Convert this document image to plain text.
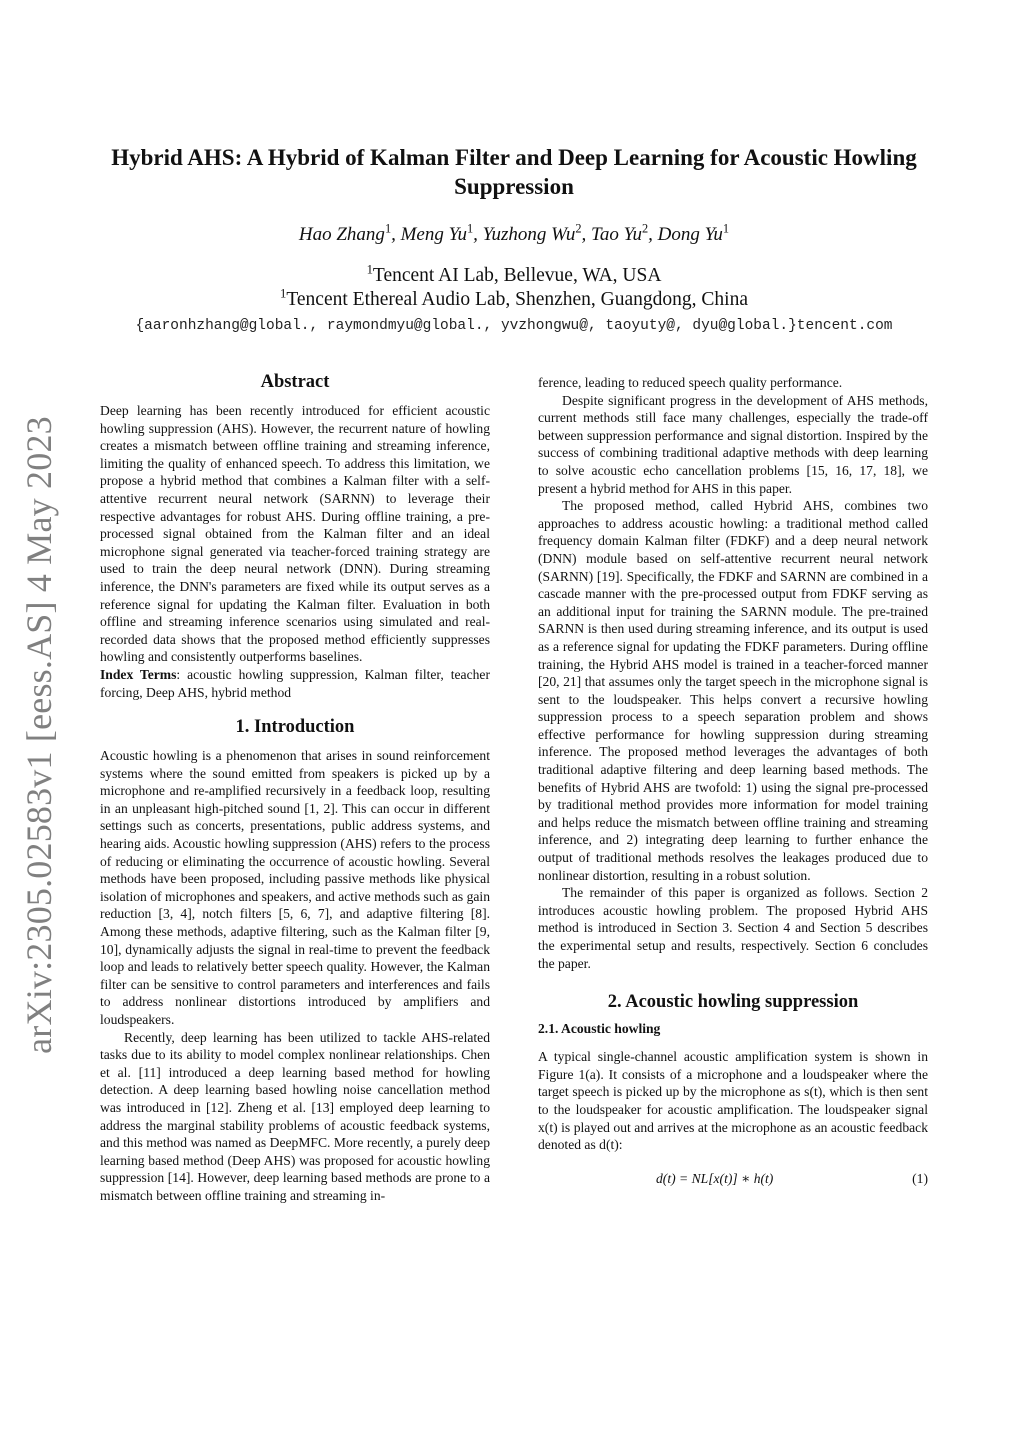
arXiv:2305.02583v1 [eess.AS] 4 May 2023
Hybrid AHS: A Hybrid of Kalman Filter and Deep Learning for Acoustic Howling Suppression
Hao Zhang$^1$, Meng Yu$^1$, Yuzhong Wu$^2$, Tao Yu$^2$, Dong Yu$^1$
$^1$Tencent AI Lab, Bellevue, WA, USA
$^1$Tencent Ethereal Audio Lab, Shenzhen, Guangdong, China
{aaronhzhang@global., raymondmyu@global., yvzhongwu@, taoyuty@, dyu@global.}tencent.com
Abstract

Deep learning has been recently introduced for efficient acoustic howling suppression (AHS). However, the recurrent nature of howling creates a mismatch between offline training and streaming inference, limiting the quality of enhanced speech. To address this limitation, we propose a hybrid method that combines a Kalman filter with a self-attentive recurrent neural network (SARNN) to leverage their respective advantages for robust AHS. During offline training, a pre-processed signal obtained from the Kalman filter and an ideal microphone signal generated via teacher-forced training strategy are used to train the deep neural network (DNN). During streaming inference, the DNN's parameters are fixed while its output serves as a reference signal for updating the Kalman filter. Evaluation in both offline and streaming inference scenarios using simulated and real-recorded data shows that the proposed method efficiently suppresses howling and consistently outperforms baselines.

Index Terms: acoustic howling suppression, Kalman filter, teacher forcing, Deep AHS, hybrid method

1. Introduction

Acoustic howling is a phenomenon that arises in sound reinforcement systems where the sound emitted from speakers is picked up by a microphone and re-amplified recursively in a feedback loop, resulting in an unpleasant high-pitched sound [1, 2]. This can occur in different settings such as concerts, presentations, public address systems, and hearing aids. Acoustic howling suppression (AHS) refers to the process of reducing or eliminating the occurrence of acoustic howling. Several methods have been proposed, including passive methods like physical isolation of microphones and speakers, and active methods such as gain reduction [3, 4], notch filters [5, 6, 7], and adaptive filtering [8]. Among these methods, adaptive filtering, such as the Kalman filter [9, 10], dynamically adjusts the signal in real-time to prevent the feedback loop and leads to relatively better speech quality. However, the Kalman filter can be sensitive to control parameters and interferences and fails to address nonlinear distortions introduced by amplifiers and loudspeakers.

Recently, deep learning has been utilized to tackle AHS-related tasks due to its ability to model complex nonlinear relationships. Chen et al. [11] introduced a deep learning based method for howling detection. A deep learning based howling noise cancellation method was introduced in [12]. Zheng et al. [13] employed deep learning to address the marginal stability problems of acoustic feedback systems, and this method was named as DeepMFC. More recently, a purely deep learning based method (Deep AHS) was proposed for acoustic howling suppression [14]. However, deep learning based methods are prone to a mismatch between offline training and streaming in-

ference, leading to reduced speech quality performance.

Despite significant progress in the development of AHS methods, current methods still face many challenges, especially the trade-off between suppression performance and signal distortion. Inspired by the success of combining traditional adaptive methods with deep learning to solve acoustic echo cancellation problems [15, 16, 17, 18], we present a hybrid method for AHS in this paper.

The proposed method, called Hybrid AHS, combines two approaches to address acoustic howling: a traditional method called frequency domain Kalman filter (FDKF) and a deep neural network (DNN) module based on self-attentive recurrent neural network (SARNN) [19]. Specifically, the FDKF and SARNN are combined in a cascade manner with the pre-processed output from FDKF serving as an additional input for training the SARNN module. The pre-trained SARNN is then used during streaming inference, and its output is used as a reference signal for updating the FDKF parameters. During offline training, the Hybrid AHS model is trained in a teacher-forced manner [20, 21] that assumes only the target speech in the microphone signal is sent to the loudspeaker. This helps convert a recursive howling suppression process to a speech separation problem and shows effective performance for howling suppression during streaming inference. The proposed method leverages the advantages of both traditional adaptive filtering and deep learning based methods. The benefits of Hybrid AHS are twofold: 1) using the signal pre-processed by traditional method provides more information for model training and helps reduce the mismatch between offline training and streaming inference, and 2) integrating deep learning to further enhance the output of traditional methods resolves the leakages produced due to nonlinear distortion, resulting in a robust solution.

The remainder of this paper is organized as follows. Section 2 introduces acoustic howling problem. The proposed Hybrid AHS method is introduced in Section 3. Section 4 and Section 5 describes the experimental setup and results, respectively. Section 6 concludes the paper.

2. Acoustic howling suppression
2.1. Acoustic howling

A typical single-channel acoustic amplification system is shown in Figure 1(a). It consists of a microphone and a loudspeaker where the target speech is picked up by the microphone as s(t), which is then sent to the loudspeaker for acoustic amplification. The loudspeaker signal x(t) is played out and arrives at the microphone as an acoustic feedback denoted as d(t):

d(t) = NL[x(t)] ∗ h(t)	(1)
